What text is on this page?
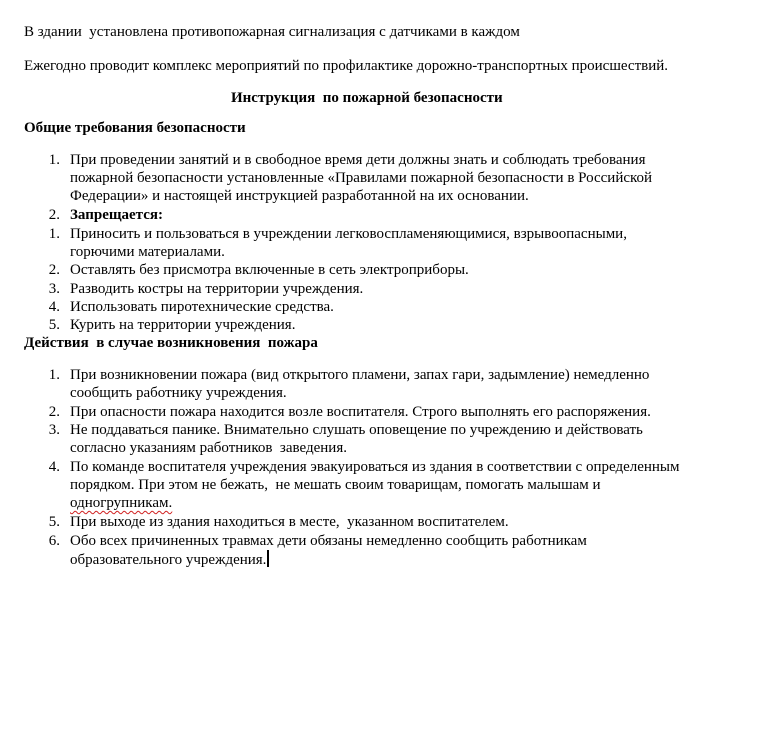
В здании  установлена противопожарная сигнализация с датчиками в каждом
Ежегодно проводит комплекс мероприятий по профилактике дорожно-транспортных происшествий.
Инструкция  по пожарной безопасности
Общие требования безопасности
1. При проведении занятий и в свободное время дети должны знать и соблюдать требования
пожарной безопасности установленные «Правилами пожарной безопасности в Российской
Федерации» и настоящей инструкцией разработанной на их основании.
2. Запрещается:
1. Приносить и пользоваться в учреждении легковоспламеняющимися, взрывоопасными,
горючими материалами.
2. Оставлять без присмотра включенные в сеть электроприборы.
3. Разводить костры на территории учреждения.
4. Использовать пиротехнические средства.
5. Курить на территории учреждения.
Действия  в случае возникновения  пожара
1. При возникновении пожара (вид открытого пламени, запах гари, задымление) немедленно
сообщить работнику учреждения.
2. При опасности пожара находится возле воспитателя. Строго выполнять его распоряжения.
3. Не поддаваться панике. Внимательно слушать оповещение по учреждению и действовать
согласно указаниям работников  заведения.
4. По команде воспитателя учреждения эвакуироваться из здания в соответствии с определенным
порядком. При этом не бежать,  не мешать своим товарищам, помогать малышам и
одногрупникам.
5. При выходе из здания находиться в месте,  указанном воспитателем.
6. Обо всех причиненных травмах дети обязаны немедленно сообщить работникам
образовательного учреждения.
